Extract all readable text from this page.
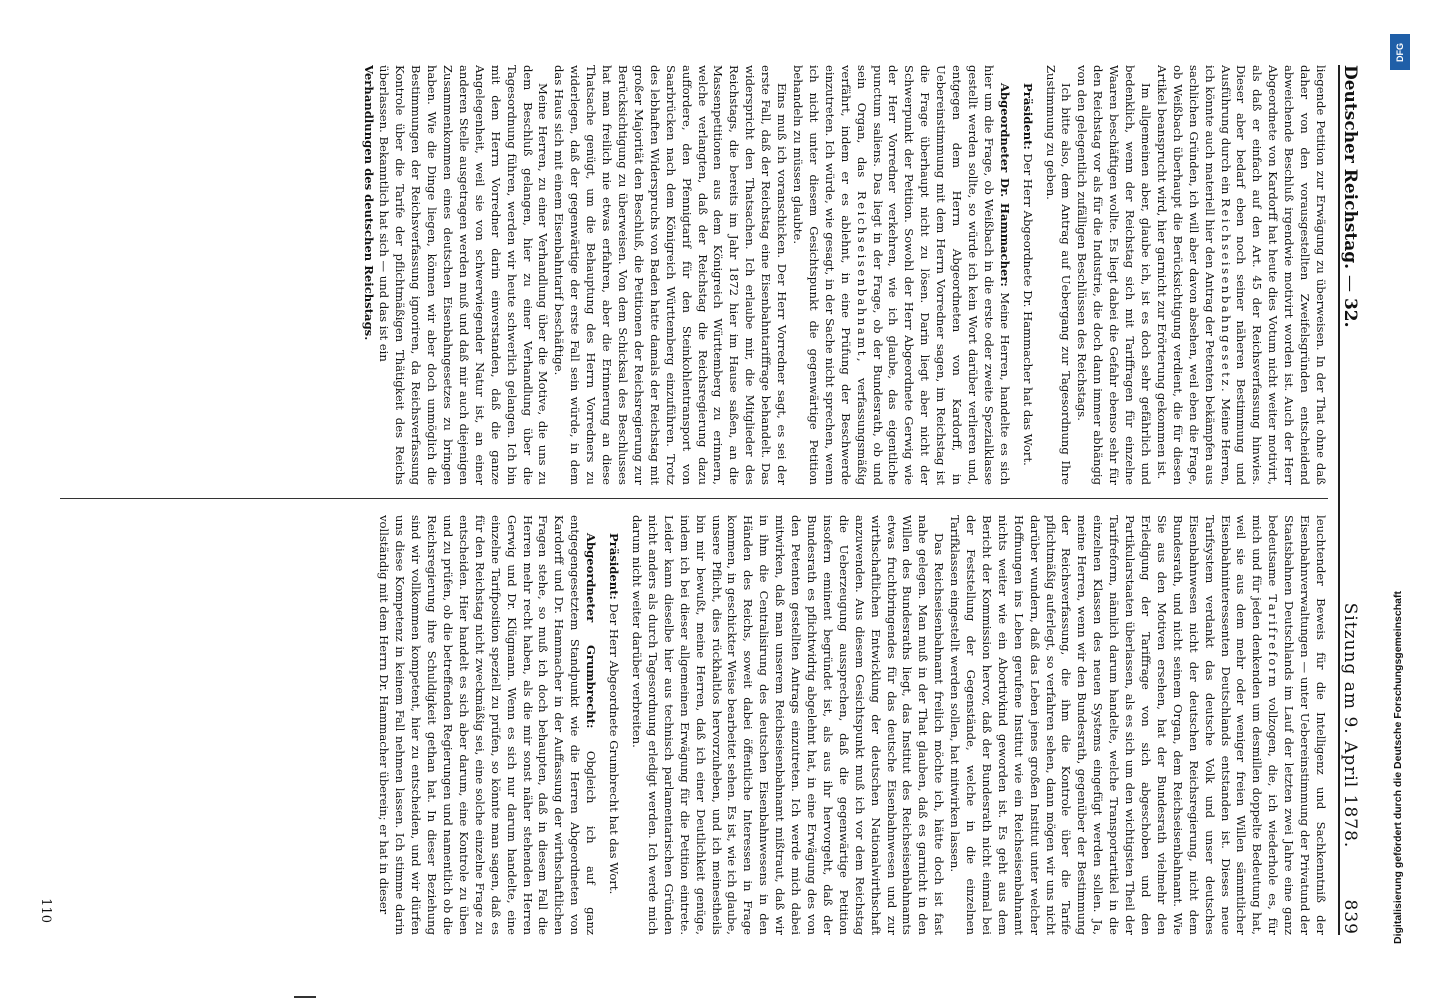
Deutscher Reichstag. — 32.
Sitzung am 9. April 1878.        839

liegende Petition zur Erwägung zu überweisen. In der That ohne daß daher von den vorausgestellten Zweifelsgründen entscheidend abweichende Beschluß irgendwie motivirt worden ist. Auch der Herr Abgeordnete von Kardorff hat heute dies Votum nicht weiter motivirt, als daß er einfach auf den Art. 45 der Reichsverfassung hinwies. Dieser aber bedarf eben noch seiner näheren Bestimmung und Ausführung durch ein Reichseisenbahngesetz. Meine Herren, ich könnte auch materiell hier den Antrag der Petenten bekämpfen aus sachlichen Gründen, ich will aber davon absehen, weil eben die Frage, ob Weißbach überhaupt die Berücksichtigung verdient, die für diesen Artikel beansprucht wird, hier garnicht zur Erörterung gekommen ist.

Im allgemeinen aber, glaube ich, ist es doch sehr gefährlich und bedenklich, wenn der Reichstag sich mit Tariffragen für einzelne Waaren beschäftigen wollte. Es liegt dabei die Gefahr ebenso sehr für den Reichstag vor als für die Industrie, die doch dann immer abhängig von den gelegentlich zufälligen Beschlüssen des Reichstags.

Ich bitte also, dem Antrag auf Uebergang zur Tagesordnung Ihre Zustimmung zu geben.

Präsident: Der Herr Abgeordnete Dr. Hammacher hat das Wort.

Abgeordneter Dr. Hammacher: Meine Herren, handelte es sich hier um die Frage, ob Weißbach in die erste oder zweite Spezialklasse gestellt werden sollte, so würde ich kein Wort darüber verlieren und, entgegen dem Herrn Abgeordneten von Kardorff, in Uebereinstimmung mit dem Herrn Vorredner sagen, im Reichstag ist die Frage überhaupt nicht zu lösen. Darin liegt aber nicht der Schwerpunkt der Petition. Sowohl der Herr Abgeordnete Gerwig wie der Herr Vorredner verkehren, wie ich glaube, das eigentliche punctum saliens. Das liegt in der Frage, ob der Bundesrath, ob und sein Organ, das Reichseisenbahnamt, verfassungsmäßig verfährt, indem er es ablehnt, in eine Prüfung der Beschwerde einzutreten. Ich würde, wie gesagt, in der Sache nicht sprechen, wenn ich nicht unter diesem Gesichtspunkt die gegenwärtige Petition behandeln zu müssen glaubte.

Eins muß ich voranschicken. Der Herr Vorredner sagt, es sei der erste Fall, daß der Reichstag eine Eisenbahntariffrage behandelt. Das widerspricht den Thatsachen. Ich erlaube mir, die Mitglieder des Reichstags, die bereits im Jahr 1872 hier im Hause saßen, an die Massenpetitionen aus dem Königreich Württemberg zu erinnern, welche verlangten, daß der Reichstag die Reichsregierung dazu auffordere, den Pfennigtarif für den Steinkohlentransport von Saarbrücken nach dem Königreich Württemberg einzuführen. Trotz des lebhaften Widerspruchs von Baden hatte damals der Reichstag mit großer Majorität den Beschluß, die Petitionen der Reichsregierung zur Berücksichtigung zu überweisen. Von dem Schicksal des Beschlusses hat man freilich nie etwas erfahren, aber die Erinnerung an diese Thatsache genügt, um die Behauptung des Herrn Vorredners zu widerlegen, daß der gegenwärtige der erste Fall sein würde, in dem das Haus sich mit einem Eisenbahntarif beschäftige.

Meine Herren, zu einer Verhandlung über die Motive, die uns zu dem Beschluß gelangen, hier zu einer Verhandlung über die Tagesordnung führen, werden wir heute schwerlich gelangen. Ich bin mit dem Herrn Vorredner darin einverstanden, daß die ganze Angelegenheit, weil sie von schwerwiegender Natur ist, an einer anderen Stelle ausgetragen werden muß und daß mir auch diejenigen Zusammenkommen eines deutschen Eisenbahngesetzes zu bringen haben. Wie die Dinge liegen, können wir aber doch unmöglich die Bestimmungen der Reichsverfassung ignoriren, da Reichsverfassung Kontrole über die Tarife der pflichtmäßigen Thätigkeit des Reichs überlassen. Bekanntlich hat sich — und das ist ein

Verhandlungen des deutschen Reichstags.

leuchtender Beweis für die Intelligenz und Sachkenntniß der Eisenbahnverwaltungen — unter Uebereinstimmung der Privatund der Staatsbahnen Deutschlands im Lauf der letzten zwei Jahre eine ganz bedeutsame Tarifreform vollzogen, die, ich wiederhole es, für mich und für jeden denkenden um desmillen doppelte Bedeutung hat, weil sie aus dem mehr oder weniger freien Willen sämmtlicher Eisenbahninteressenten Deutschlands entstanden ist. Dieses neue Tarifsystem verdankt das deutsche Volk und unser deutsches Eisenbahnwesen nicht der deutschen Reichsregierung, nicht dem Bundesrath, und nicht seinem Organ, dem Reichseisenbahnamt. Wie Sie aus den Motiven ersehen, hat der Bundesrath vielmehr den Erledigung der Tariffrage von sich abgeschoben und den Partikularstaaten überlassen, als es sich um den wichtigsten Theil der Tarifreform, nämlich darum handelte, welche Transportartikel in die einzelnen Klassen des neuen Systems eingefügt werden sollen. Ja, meine Herren, wenn wir den Bundesrath, gegenüber der Bestimmung der Reichsverfassung, die ihm die Kontrole über die Tarife pflichtmäßig auferlegt, so verfahren sehen, dann mögen wir uns nicht darüber wundern, daß das Leben jenes großen Institut unter welcher Hoffnungen ins Leben gerufene Institut wie ein Reichseisenbahnamt nichts weiter wie ein Abortivkind geworden ist. Es geht aus dem Bericht der Kommission hervor, daß der Bundesrath nicht einmal bei der Feststellung der Gegenstände, welche in die einzelnen Tarifklassen eingestellt werden sollen, hat mitwirken lassen.

Das Reichseisenbahnamt freilich möchte ich, hätte doch ist fast nahe gelegen. Man muß in der That glauben, daß es garnicht in den Willen des Bundesraths liegt, das Institut des Reichseisenbahnamts etwas fruchtbringendes für das deutsche Eisenbahnwesen und zur wirthschaftlichen Entwicklung der deutschen Nationalwirthschaft anzuwenden. Aus diesem Gesichtspunkt muß ich vor dem Reichstag die Ueberzeugung aussprechen, daß die gegenwärtige Petition insofern eminent begründet ist, als aus ihr hervorgeht, daß der Bundesrath es pflichtwidrig abgelehnt hat, in eine Erwägung des von den Petenten gestellten Antrags einzutreten. Ich werde mich dabei mitwirken, daß man unserem Reichseisenbahnamt mißtraut, daß wir in ihm die Centralisirung des deutschen Eisenbahnwesens in den Händen des Reichs, soweit dabei öffentliche Interessen in Frage kommen, in geschickter Weise bearbeitet sehen. Es ist, wie ich glaube, unsere Pflicht, dies rückhaltlos hervorzuheben, und ich meinestheils bin mir bewußt, meine Herren, daß ich einer Deutlichkeit genüge, indem ich bei dieser allgemeinen Erwägung für die Petition eintrete. Leider kann dieselbe hier aus technisch parlamentarischen Gründen nicht anders als durch Tagesordnung erledigt werden. Ich werde mich darum nicht weiter darüber verbreiten.

Präsident: Der Herr Abgeordnete Grumbrecht hat das Wort.

Abgeordneter Grumbrecht: Obgleich ich auf ganz entgegengesetztem Standpunkt wie die Herren Abgeordneten von Kardorff und Dr. Hammacher in der Auffassung der wirthschaftlichen Fragen stehe, so muß ich doch behaupten, daß in diesem Fall die Herren mehr recht haben, als die mir sonst näher stehenden Herren Gerwig und Dr. Klügmann. Wenn es sich nur darum handelte, eine einzelne Tarifposition speziell zu prüfen, so könnte man sagen, daß es für den Reichstag nicht zweckmäßig sei, eine solche einzelne Frage zu entscheiden. Hier handelt es sich aber darum, eine Kontrole zu üben und zu prüfen, ob die betreffenden Regierungen und namentlich ob die Reichsregierung ihre Schuldigkeit gethan hat. In dieser Beziehung sind wir vollkommen kompetent, hier zu entscheiden, und wir dürfen uns diese Kompetenz in keinem Fall nehmen lassen. Ich stimme darin vollständig mit dem Herrn Dr. Hammacher überein; er hat in dieser

110
DFG
Digitalisierung gefördert durch die Deutsche Forschungsgemeinschaft
